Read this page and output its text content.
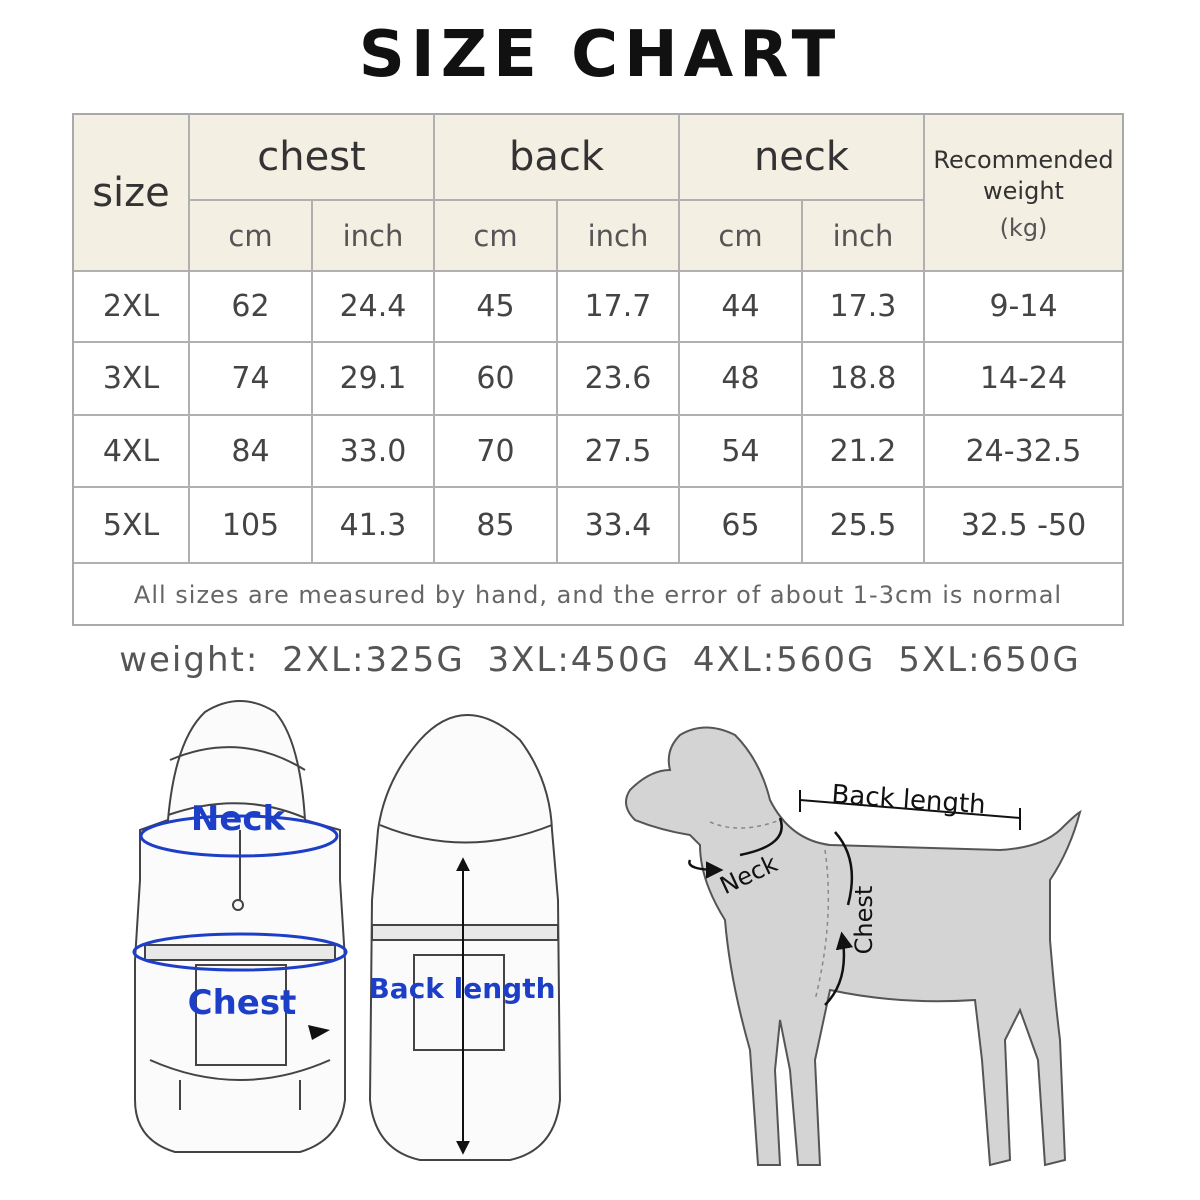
SIZE CHART
size
chest	back	neck	Recommended
weight
(kg)
cm	inch	cm	inch	cm	inch
2XL	62	24.4	45	17.7	44	17.3	9-14
3XL	74	29.1	60	23.6	48	18.8	14-24
4XL	84	33.0	70	27.5	54	21.2	24-32.5
5XL	105	41.3	85	33.4	65	25.5	32.5 -50
All sizes are measured by hand, and the error of about 1-3cm is normal
weight: 2XL:325G 3XL:450G 4XL:560G 5XL:650G
Neck
Chest	Back length
Back length
Neck
Chest
